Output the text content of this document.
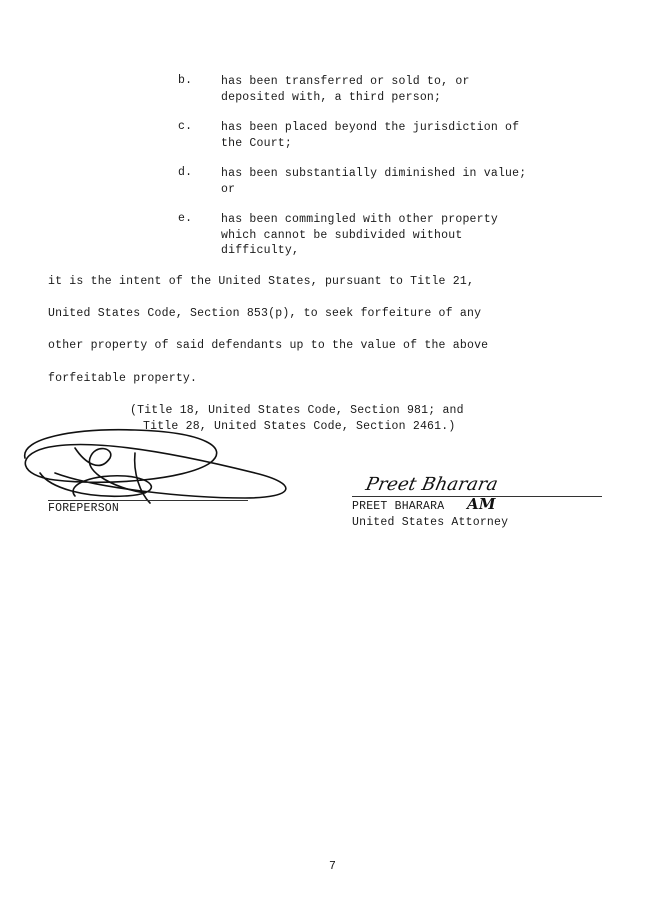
b.	has been transferred or sold to, or
deposited with, a third person;
c.	has been placed beyond the jurisdiction of
the Court;
d.	has been substantially diminished in value;
or
e.	has been commingled with other property
which cannot be subdivided without
difficulty,
it is the intent of the United States, pursuant to Title 21,
United States Code, Section 853(p), to seek forfeiture of any
other property of said defendants up to the value of the above
forfeitable property.
(Title 18, United States Code, Section 981; and
Title 28, United States Code, Section 2461.)
FOREPERSON
Preet Bharara
PREET BHARARA AM
United States Attorney
7
